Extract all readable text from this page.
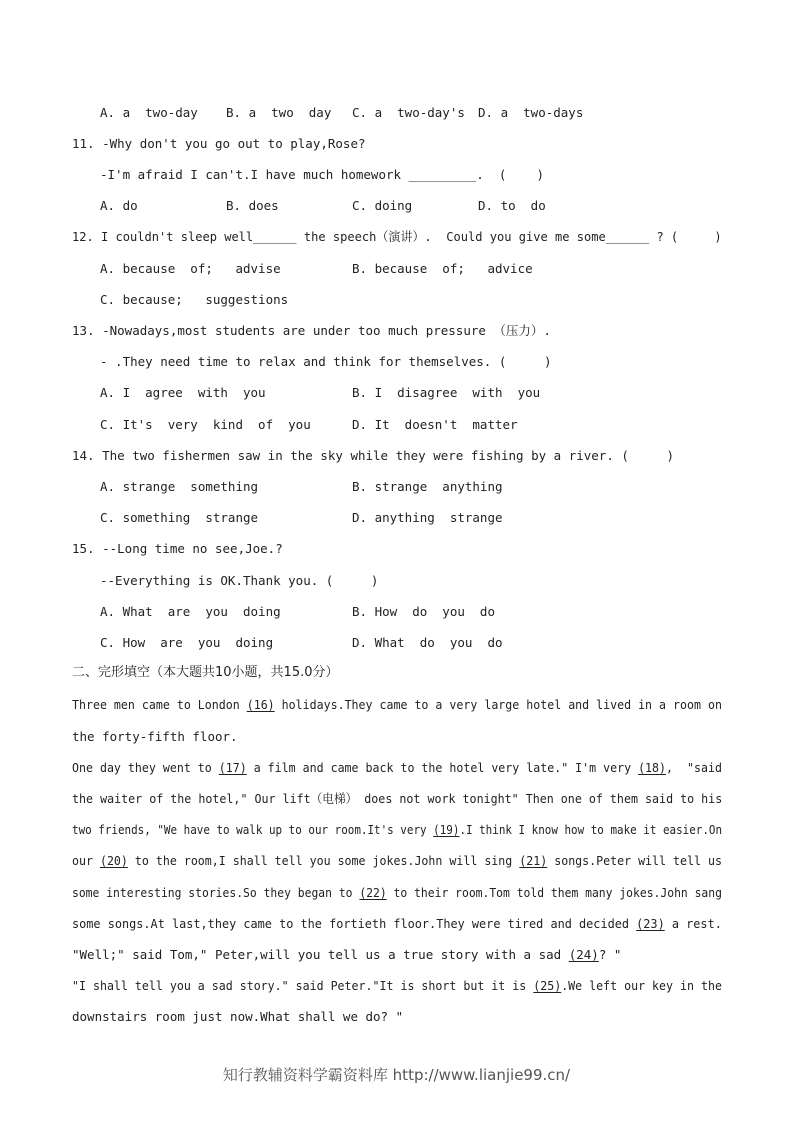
A. a  two-day

B. a  two  day

C. a  two-day's

D. a  two-days

11. -Why don't you go out to play,Rose?
-I'm afraid I can't.I have much homework _________.  (    )

A. do

	B. does

	C. doing

	D. to  do

12. I couldn't sleep well______ the speech（演讲）.  Could you give me some______ ? (     )

A. because  of;   advise

	B. because  of;   advice

C. because;   suggestions

13. -Nowadays,most students are under too much pressure （压力）.
- .They need time to relax and think for themselves. (     )

A. I  agree  with  you

	B. I  disagree  with  you

C. It's  very  kind  of  you

	D. It  doesn't  matter

14. The two fishermen saw in the sky while they were fishing by a river. (     )

A. strange  something

	B. strange  anything

C. something  strange

	D. anything  strange

15. --Long time no see,Joe.?
--Everything is OK.Thank you. (     )

A. What  are  you  doing

	B. How  do  you  do

C. How  are  you  doing

	D. What  do  you  do

二、完形填空（本大题共10小题，共15.0分）
Three men came to London (16) holidays.They came to a very large hotel and lived in a room on
the forty-fifth floor.
One day they went to (17) a film and came back to the hotel very late." I'm very (18),  "said
the waiter of the hotel," Our lift（电梯） does not work tonight" Then one of them said to his
two friends, "We have to walk up to our room.It's very (19).I think I know how to make it easier.On
our (20) to the room,I shall tell you some jokes.John will sing (21) songs.Peter will tell us
some interesting stories.So they began to (22) to their room.Tom told them many jokes.John sang
some songs.At last,they came to the fortieth floor.They were tired and decided (23) a rest.
"Well;" said Tom," Peter,will you tell us a true story with a sad (24)? "
"I shall tell you a sad story." said Peter."It is short but it is (25).We left our key in the
downstairs room just now.What shall we do? "
知行教辅资料学霸资料库 http://www.lianjie99.cn/
